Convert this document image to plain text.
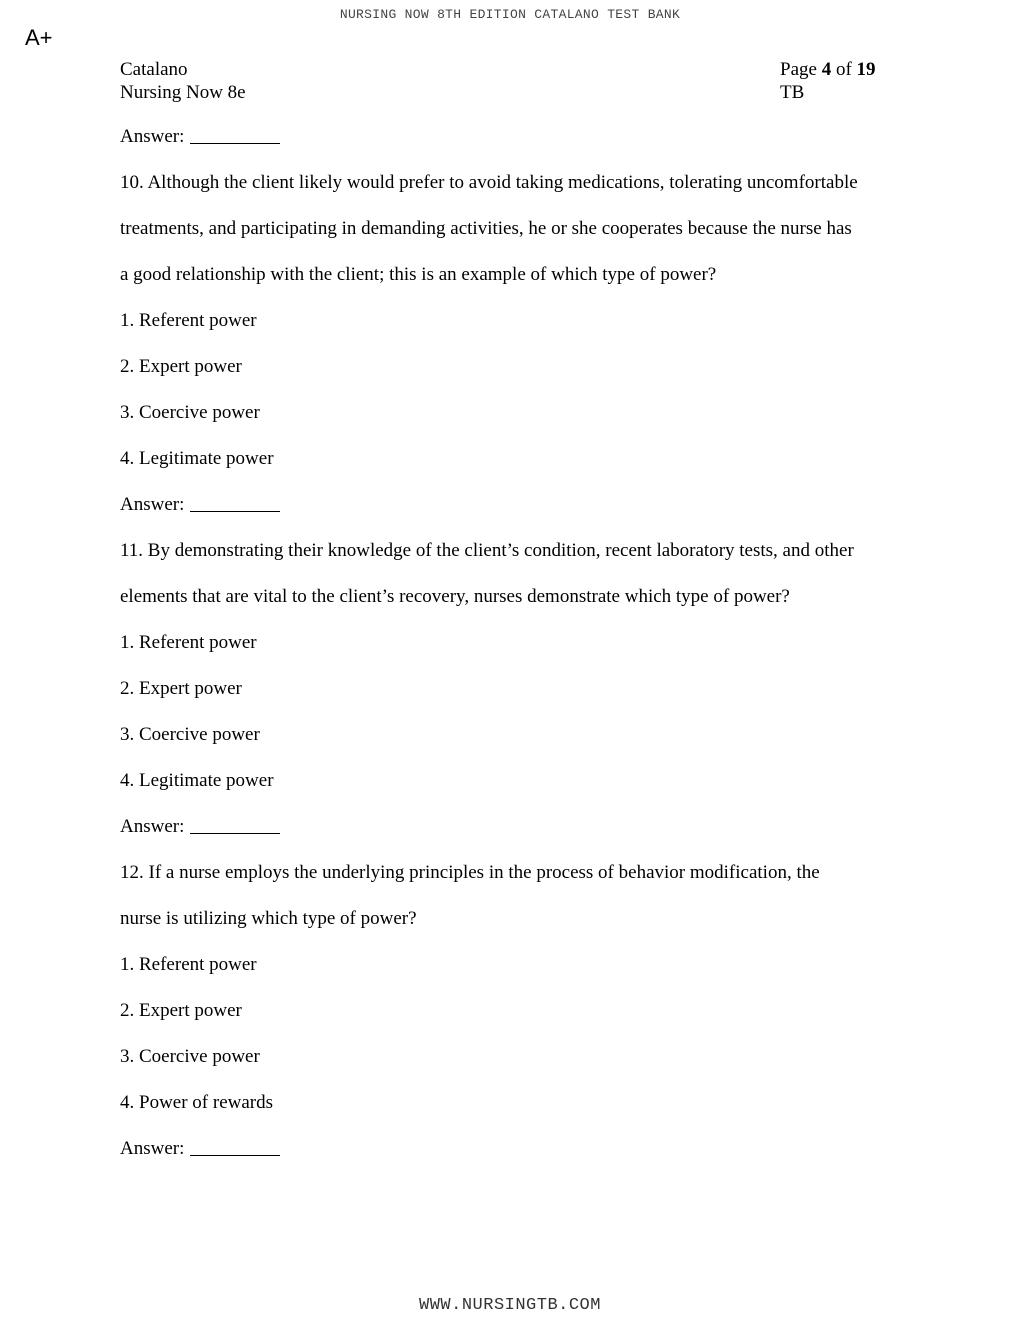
NURSING NOW 8TH EDITION CATALANO TEST BANK
A+
Catalano
Nursing Now 8e
Page 4 of 19
TB
Answer:
10. Although the client likely would prefer to avoid taking medications, tolerating uncomfortable
treatments, and participating in demanding activities, he or she cooperates because the nurse has
a good relationship with the client; this is an example of which type of power?
1. Referent power
2. Expert power
3. Coercive power
4. Legitimate power
Answer:
11. By demonstrating their knowledge of the client’s condition, recent laboratory tests, and other
elements that are vital to the client’s recovery, nurses demonstrate which type of power?
1. Referent power
2. Expert power
3. Coercive power
4. Legitimate power
Answer:
12. If a nurse employs the underlying principles in the process of behavior modification, the
nurse is utilizing which type of power?
1. Referent power
2. Expert power
3. Coercive power
4. Power of rewards
Answer:
WWW.NURSINGTB.COM
